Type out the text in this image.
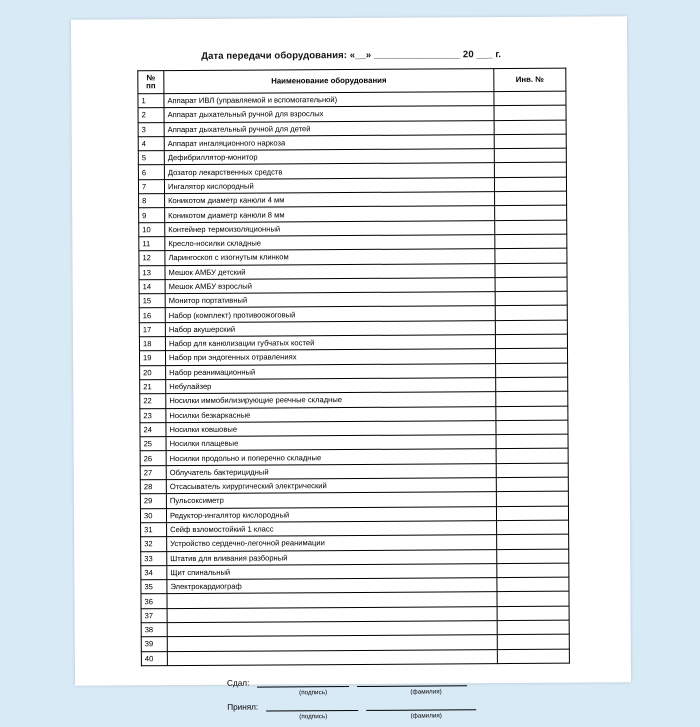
Дата передачи оборудования: «__» ________________ 20 ___ г.
№ пп	Наименование оборудования	Инв. №
1	Аппарат ИВЛ (управляемой и вспомогательной)	
2	Аппарат дыхательный ручной для взрослых	
3	Аппарат дыхательный ручной для детей	
4	Аппарат ингаляционного наркоза	
5	Дефибриллятор-монитор	
6	Дозатор лекарственных средств	
7	Ингалятор кислородный	
8	Коникотом диаметр канюли 4 мм	
9	Коникотом диаметр канюли 8 мм	
10	Контейнер термоизоляционный	
11	Кресло-носилки складные	
12	Ларингоскоп с изогнутым клинком	
13	Мешок АМБУ детский	
14	Мешок АМБУ взрослый	
15	Монитор портативный	
16	Набор (комплект) противоожоговый	
17	Набор акушерский	
18	Набор для канюлизации губчатых костей	
19	Набор при эндогенных отравлениях	
20	Набор реанимационный	
21	Небулайзер	
22	Носилки иммобилизирующие реечные складные	
23	Носилки безкаркасные	
24	Носилки ковшовые	
25	Носилки плащевые	
26	Носилки продольно и поперечно складные	
27	Облучатель бактерицидный	
28	Отсасыватель хирургический электрический	
29	Пульсоксиметр	
30	Редуктор-ингалятор кислородный	
31	Сейф взломостойкий 1 класс	
32	Устройство сердечно-легочной реанимации	
33	Штатив для вливания разборный	
34	Щит спинальный	
35	Электрокардиограф	
36		
37		
38		
39		
40		
Сдал:
(подпись)	(фамилия)
Принял:
(подпись)	(фамилия)
